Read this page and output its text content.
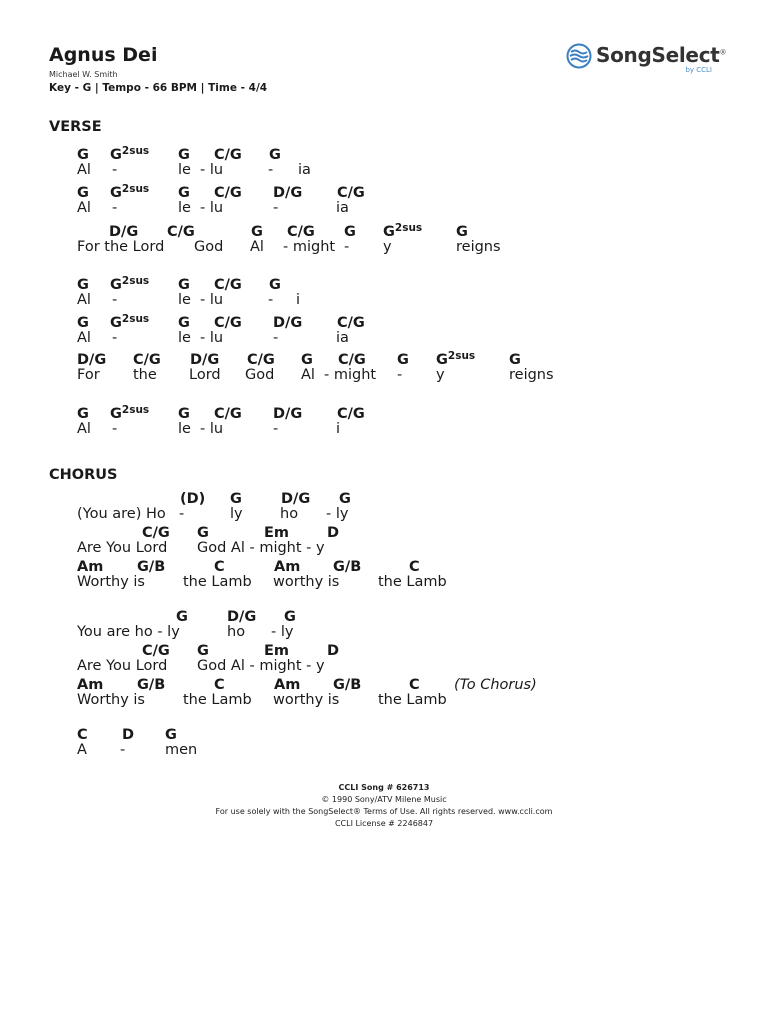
Agnus Dei
Michael W. Smith
Key - G | Tempo - 66 BPM | Time - 4/4
SongSelect®
by CCLI
VERSE
CHORUS
G $G^{2sus}$ G C/G G
Al -	le - lu	- ia
G $G^{2sus}$ G C/G D/G C/G
Al -	le - lu	-	ia
D/G C/G	G C/G G $G^{2sus}$ G
For the Lord God Al - might - y	reigns
G $G^{2sus}$ G C/G G
Al -	le - lu	- i
G $G^{2sus}$ G C/G D/G C/G
Al -	le - lu	-	ia
D/G C/G D/G C/G G C/G G $G^{2sus}$ G
For the Lord God Al - might - y	reigns
G $G^{2sus}$ G C/G D/G C/G
Al -	le - lu	-	i
(D) G	D/G G
(You are) Ho -	ly	ho - ly
C/G G	Em	D
Are You Lord God Al - might - y
Am G/B	C	Am G/B	C
Worthy is	the Lamb worthy is	the Lamb
G	D/G G
You are ho - ly	ho - ly
C/G G	Em	D
Are You Lord God Al - might - y
Am G/B	C	Am G/B	C
Worthy is	the Lamb worthy is	the Lamb
(To Chorus)
C D G
A -	men
CCLI Song # 626713
© 1990 Sony/ATV Milene Music
For use solely with the SongSelect® Terms of Use. All rights reserved. www.ccli.com
CCLI License # 2246847
